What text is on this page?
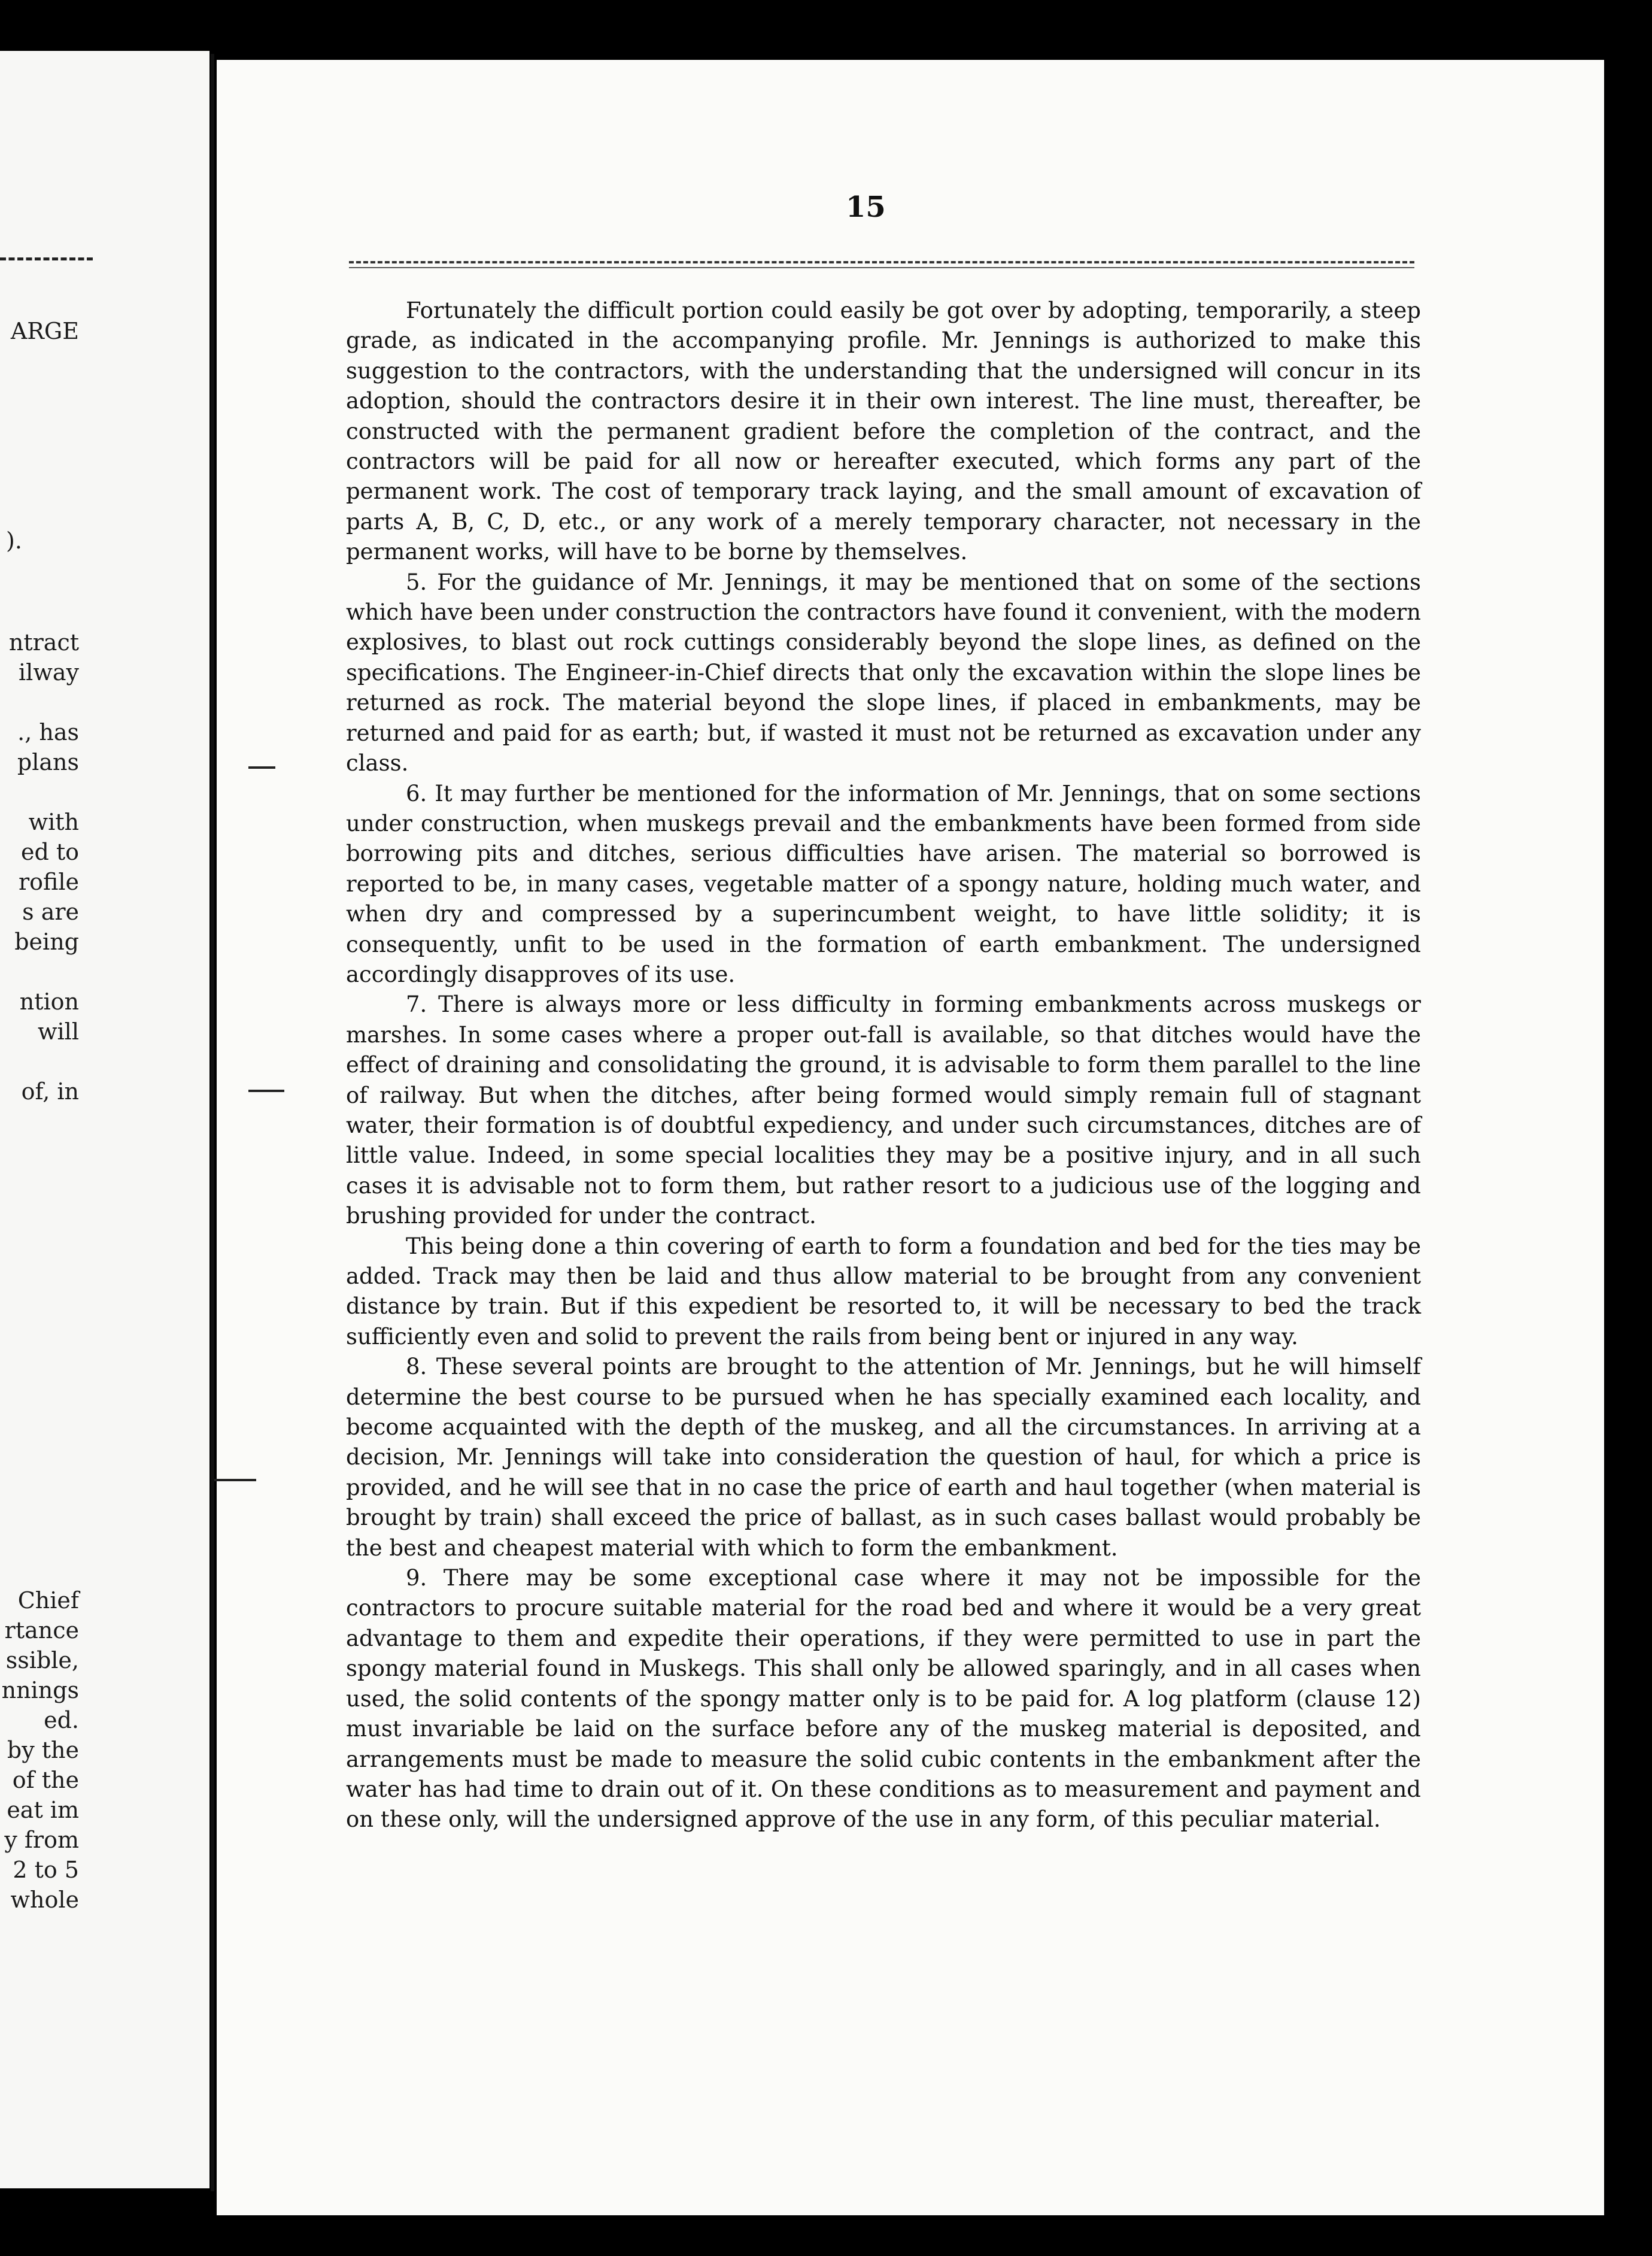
ARGE
).
ntract
ilway
., has
plans
with
ed to
rofile
s are
being
ntion
will
of, in
Chief
rtance
ssible,
nnings
ed.
by the
of the
eat im
y from
2 to 5
whole
15

Fortunately the difficult portion could easily be got over by adopting, temporarily, a steep grade, as indicated in the accompanying profile. Mr. Jennings is authorized to make this suggestion to the contractors, with the understanding that the undersigned will concur in its adoption, should the contractors desire it in their own interest. The line must, thereafter, be constructed with the permanent gradient before the completion of the contract, and the contractors will be paid for all now or hereafter executed, which forms any part of the permanent work. The cost of temporary track laying, and the small amount of excavation of parts A, B, C, D, etc., or any work of a merely temporary character, not necessary in the permanent works, will have to be borne by themselves.

5. For the guidance of Mr. Jennings, it may be mentioned that on some of the sections which have been under construction the contractors have found it convenient, with the modern explosives, to blast out rock cuttings considerably beyond the slope lines, as defined on the specifications. The Engineer-in-Chief directs that only the excavation within the slope lines be returned as rock. The material beyond the slope lines, if placed in embankments, may be returned and paid for as earth; but, if wasted it must not be returned as excavation under any class.

6. It may further be mentioned for the information of Mr. Jennings, that on some sections under construction, when muskegs prevail and the embankments have been formed from side borrowing pits and ditches, serious difficulties have arisen. The material so borrowed is reported to be, in many cases, vegetable matter of a spongy nature, holding much water, and when dry and compressed by a superincumbent weight, to have little solidity; it is consequently, unfit to be used in the formation of earth embankment. The undersigned accordingly disapproves of its use.

7. There is always more or less difficulty in forming embankments across muskegs or marshes. In some cases where a proper out-fall is available, so that ditches would have the effect of draining and consolidating the ground, it is advisable to form them parallel to the line of railway. But when the ditches, after being formed would simply remain full of stagnant water, their formation is of doubtful expediency, and under such circumstances, ditches are of little value. Indeed, in some special localities they may be a positive injury, and in all such cases it is advisable not to form them, but rather resort to a judicious use of the logging and brushing provided for under the contract.

This being done a thin covering of earth to form a foundation and bed for the ties may be added. Track may then be laid and thus allow material to be brought from any convenient distance by train. But if this expedient be resorted to, it will be necessary to bed the track sufficiently even and solid to prevent the rails from being bent or injured in any way.

8. These several points are brought to the attention of Mr. Jennings, but he will himself determine the best course to be pursued when he has specially examined each locality, and become acquainted with the depth of the muskeg, and all the circumstances. In arriving at a decision, Mr. Jennings will take into consideration the question of haul, for which a price is provided, and he will see that in no case the price of earth and haul together (when material is brought by train) shall exceed the price of ballast, as in such cases ballast would probably be the best and cheapest material with which to form the embankment.

9. There may be some exceptional case where it may not be impossible for the contractors to procure suitable material for the road bed and where it would be a very great advantage to them and expedite their operations, if they were permitted to use in part the spongy material found in Muskegs. This shall only be allowed sparingly, and in all cases when used, the solid contents of the spongy matter only is to be paid for. A log platform (clause 12) must invariable be laid on the surface before any of the muskeg material is deposited, and arrangements must be made to measure the solid cubic contents in the embankment after the water has had time to drain out of it. On these conditions as to measurement and payment and on these only, will the undersigned approve of the use in any form, of this peculiar material.
